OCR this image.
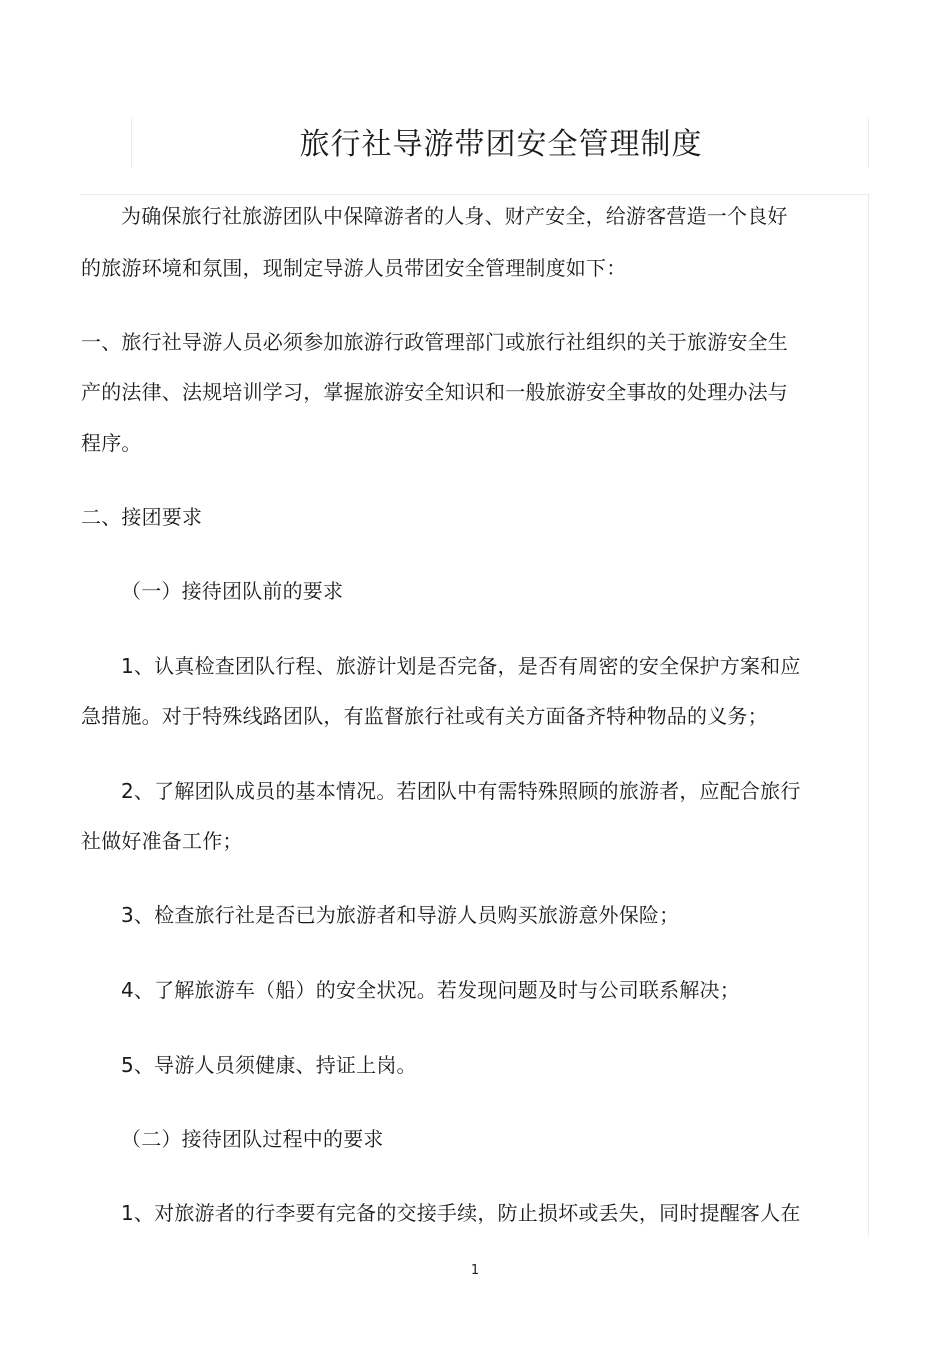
旅行社导游带团安全管理制度
为确保旅行社旅游团队中保障游者的人身、财产安全，给游客营造一个良好
的旅游环境和氛围，现制定导游人员带团安全管理制度如下：
一、旅行社导游人员必须参加旅游行政管理部门或旅行社组织的关于旅游安全生
产的法律、法规培训学习，掌握旅游安全知识和一般旅游安全事故的处理办法与
程序。
二、接团要求
（一）接待团队前的要求
1、认真检查团队行程、旅游计划是否完备，是否有周密的安全保护方案和应
急措施。对于特殊线路团队，有监督旅行社或有关方面备齐特种物品的义务；
2、了解团队成员的基本情况。若团队中有需特殊照顾的旅游者，应配合旅行
社做好准备工作；
3、检查旅行社是否已为旅游者和导游人员购买旅游意外保险；
4、了解旅游车（船）的安全状况。若发现问题及时与公司联系解决；
5、导游人员须健康、持证上岗。
（二）接待团队过程中的要求
1、对旅游者的行李要有完备的交接手续，防止损坏或丢失，同时提醒客人在
1
